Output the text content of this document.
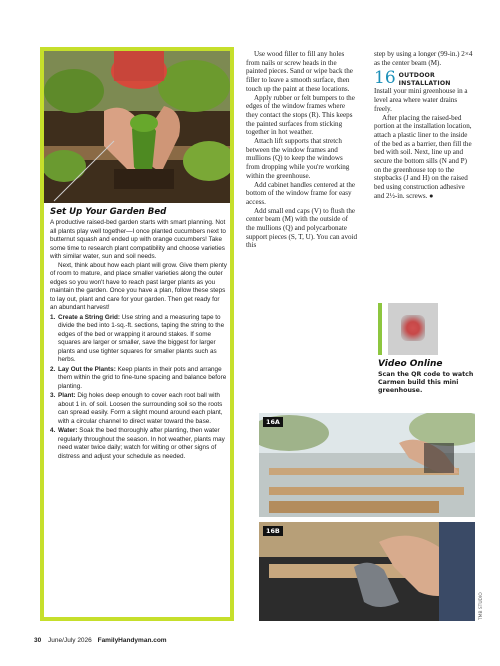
Set Up Your Garden Bed

A productive raised-bed garden starts with smart planning. Not all plants play well together—I once planted cucumbers next to butternut squash and ended up with orange cucumbers! Take some time to research plant compatibility and choose varieties with similar water, sun and soil needs.

Next, think about how each plant will grow. Give them plenty of room to mature, and place smaller varieties along the outer edges so you won't have to reach past larger plants as you maintain the garden. Once you have a plan, follow these steps to lay out, plant and care for your garden. Then get ready for an abundant harvest!

1. Create a String Grid: Use string and a measuring tape to divide the bed into 1-sq.-ft. sections, taping the string to the edges of the bed or wrapping it around stakes. If some squares are larger or smaller, save the biggest for larger plants and use tighter squares for smaller plants such as herbs.
2. Lay Out the Plants: Keep plants in their pots and arrange them within the grid to fine-tune spacing and balance before planting.
3. Plant: Dig holes deep enough to cover each root ball with about 1 in. of soil. Loosen the surrounding soil so the roots can spread easily. Form a slight mound around each plant, with a circular channel to direct water toward the base.
4. Water: Soak the bed thoroughly after planting, then water regularly throughout the season. In hot weather, plants may need water twice daily; watch for wilting or other signs of distress and adjust your schedule as needed.

Use wood filler to fill any holes from nails or screw heads in the painted pieces. Sand or wipe back the filler to leave a smooth surface, then touch up the paint at these locations.

Apply rubber or felt bumpers to the edges of the window frames where they contact the stops (R). This keeps the painted surfaces from sticking together in hot weather.

Attach lift supports that stretch between the window frames and mullions (Q) to keep the windows from dropping while you're working within the greenhouse.

Add cabinet handles centered at the bottom of the window frame for easy access.

Add small end caps (V) to flush the center beam (M) with the outside of the mullions (Q) and polycarbonate support pieces (S, T, U). You can avoid this

step by using a longer (99-in.) 2×4 as the center beam (M).

16 OUTDOOR
INSTALLATION

Install your mini greenhouse in a level area where water drains freely.

After placing the raised-bed portion at the installation location, attach a plastic liner to the inside of the bed as a barrier, then fill the bed with soil. Next, line up and secure the bottom sills (N and P) on the greenhouse top to the stepbacks (J and H) on the raised bed using construction adhesive and 2½-in. screws. ●

Video Online
Scan the QR code to watch Carmen build this mini greenhouse.
16A
16B
TMB STUDIO
30 June/July 2026 FamilyHandyman.com
